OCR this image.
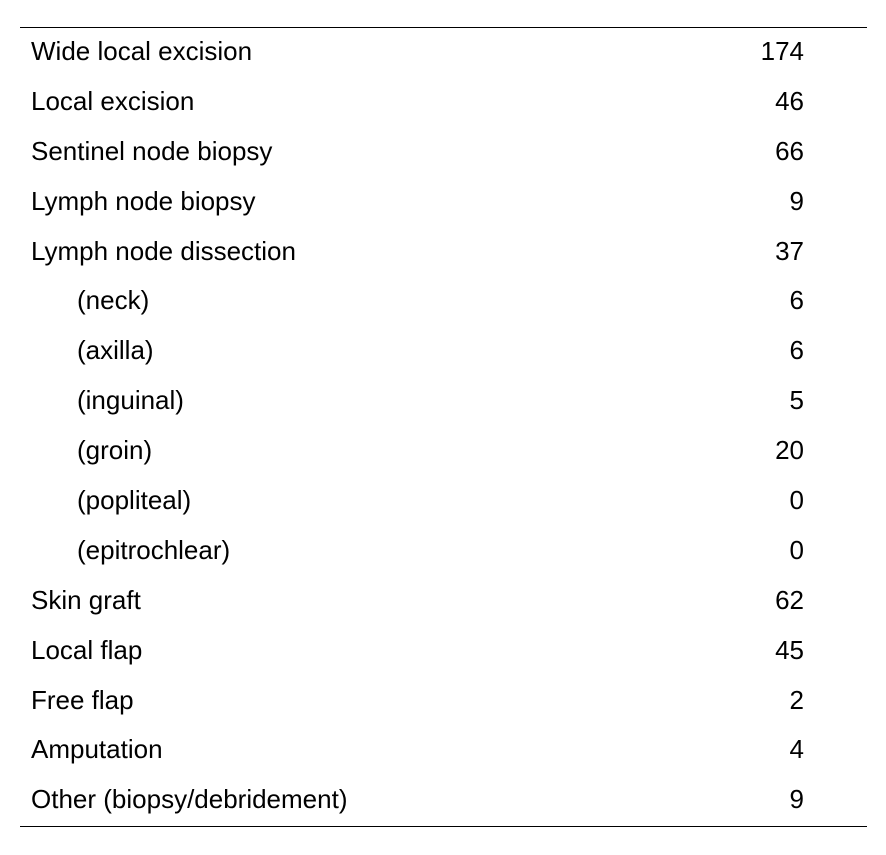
Wide local excision	174
Local excision	46
Sentinel node biopsy	66
Lymph node biopsy	9
Lymph node dissection	37
(neck)	6
(axilla)	6
(inguinal)	5
(groin)	20
(popliteal)	0
(epitrochlear)	0
Skin graft	62
Local flap	45
Free flap	2
Amputation	4
Other (biopsy/debridement)	9
